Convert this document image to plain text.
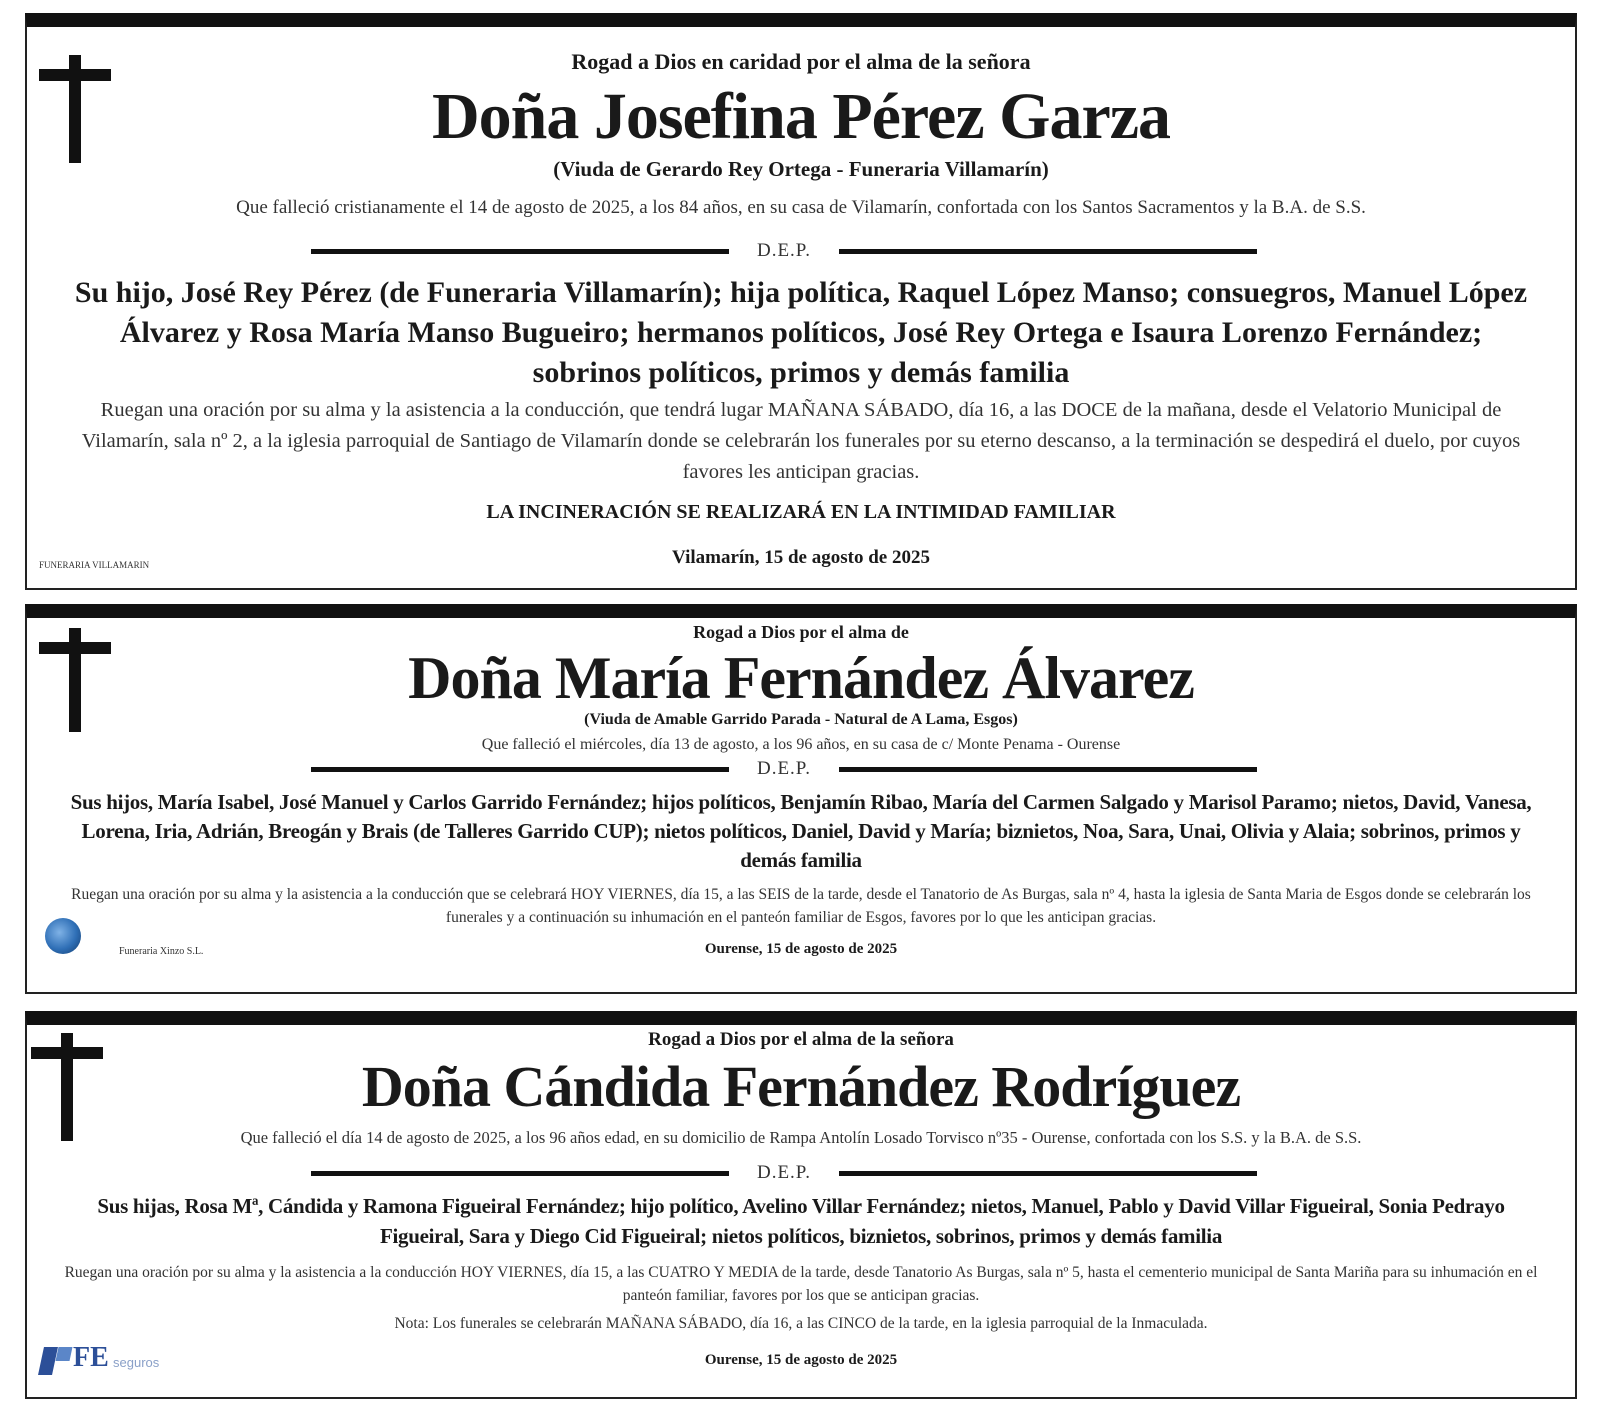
Rogad a Dios en caridad por el alma de la señora
Doña Josefina Pérez Garza
(Viuda de Gerardo Rey Ortega - Funeraria Villamarín)
Que falleció cristianamente el 14 de agosto de 2025, a los 84 años, en su casa de Vilamarín, confortada con los Santos Sacramentos y la B.A. de S.S.
D.E.P.
Su hijo, José Rey Pérez (de Funeraria Villamarín); hija política, Raquel López Manso; consuegros, Manuel López Álvarez y Rosa María Manso Bugueiro; hermanos políticos, José Rey Ortega e Isaura Lorenzo Fernández; sobrinos políticos, primos y demás familia
Ruegan una oración por su alma y la asistencia a la conducción, que tendrá lugar MAÑANA SÁBADO, día 16, a las DOCE de la mañana, desde el Velatorio Municipal de Vilamarín, sala nº 2, a la iglesia parroquial de Santiago de Vilamarín donde se celebrarán los funerales por su eterno descanso, a la terminación se despedirá el duelo, por cuyos favores les anticipan gracias.
LA INCINERACIÓN SE REALIZARÁ EN LA INTIMIDAD FAMILIAR
Vilamarín, 15 de agosto de 2025
FUNERARIA VILLAMARIN
Rogad a Dios por el alma de
Doña María Fernández Álvarez
(Viuda de Amable Garrido Parada - Natural de A Lama, Esgos)
Que falleció el miércoles, día 13 de agosto, a los 96 años, en su casa de c/ Monte Penama - Ourense
D.E.P.
Sus hijos, María Isabel, José Manuel y Carlos Garrido Fernández; hijos políticos, Benjamín Ribao, María del Carmen Salgado y Marisol Paramo; nietos, David, Vanesa, Lorena, Iria, Adrián, Breogán y Brais (de Talleres Garrido CUP); nietos políticos, Daniel, David y María; biznietos, Noa, Sara, Unai, Olivia y Alaia; sobrinos, primos y demás familia
Ruegan una oración por su alma y la asistencia a la conducción que se celebrará HOY VIERNES, día 15, a las SEIS de la tarde, desde el Tanatorio de As Burgas, sala nº 4, hasta la iglesia de Santa Maria de Esgos donde se celebrarán los funerales y a continuación su inhumación en el panteón familiar de Esgos, favores por lo que les anticipan gracias.
Ourense, 15 de agosto de 2025
Funeraria Xinzo S.L.
Rogad a Dios por el alma de la señora
Doña Cándida Fernández Rodríguez
Que falleció el día 14 de agosto de 2025, a los 96 años edad, en su domicilio de Rampa Antolín Losado Torvisco nº35 - Ourense, confortada con los S.S. y la B.A. de S.S.
D.E.P.
Sus hijas, Rosa Mª, Cándida y Ramona Figueiral Fernández; hijo político, Avelino Villar Fernández; nietos, Manuel, Pablo y David Villar Figueiral, Sonia Pedrayo Figueiral, Sara y Diego Cid Figueiral; nietos políticos, biznietos, sobrinos, primos y demás familia
Ruegan una oración por su alma y la asistencia a la conducción HOY VIERNES, día 15, a las CUATRO Y MEDIA de la tarde, desde Tanatorio As Burgas, sala nº 5, hasta el cementerio municipal de Santa Mariña para su inhumación en el panteón familiar, favores por los que se anticipan gracias.
Nota: Los funerales se celebrarán MAÑANA SÁBADO, día 16, a las CINCO de la tarde, en la iglesia parroquial de la Inmaculada.
Ourense, 15 de agosto de 2025
FE seguros
